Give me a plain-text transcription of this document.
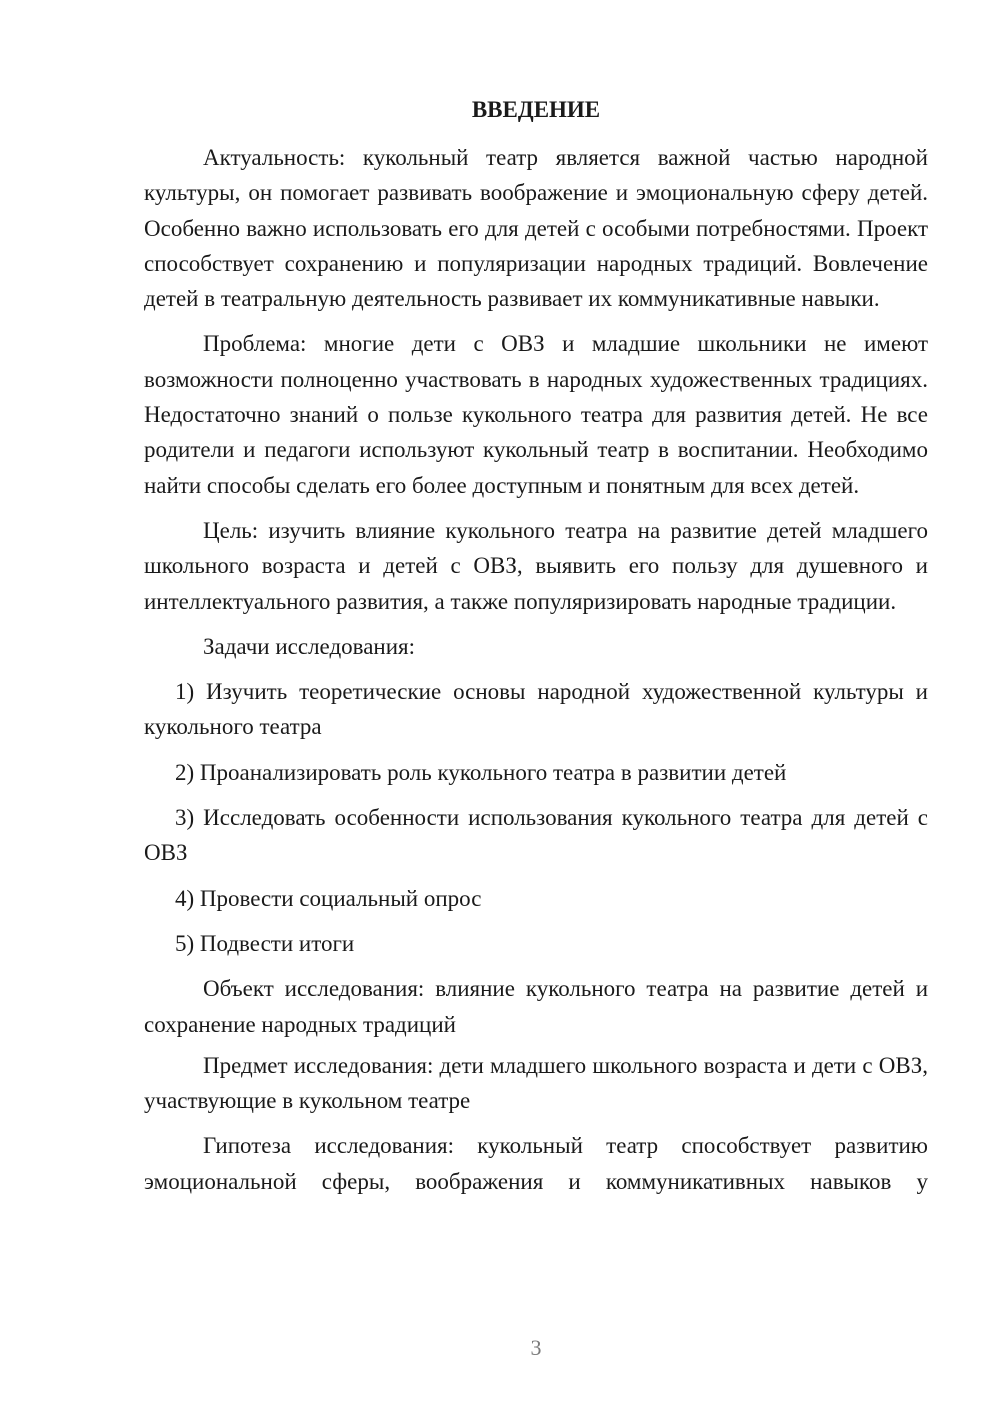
ВВЕДЕНИЕ

Актуальность: кукольный театр является важной частью народной культуры, он помогает развивать воображение и эмоциональную сферу детей. Особенно важно использовать его для детей с особыми потребностями. Проект способствует сохранению и популяризации народных традиций. Вовлечение детей в театральную деятельность развивает их коммуникативные навыки.

Проблема: многие дети с ОВЗ и младшие школьники не имеют возможности полноценно участвовать в народных художественных традициях. Недостаточно знаний о пользе кукольного театра для развития детей. Не все родители и педагоги используют кукольный театр в воспитании. Необходимо найти способы сделать его более доступным и понятным для всех детей.

Цель: изучить влияние кукольного театра на развитие детей младшего школьного возраста и детей с ОВЗ, выявить его пользу для душевного и интеллектуального развития, а также популяризировать народные традиции.

Задачи исследования:

1) Изучить теоретические основы народной художественной культуры и кукольного театра

2) Проанализировать роль кукольного театра в развитии детей

3) Исследовать особенности использования кукольного театра для детей с ОВЗ

4) Провести социальный опрос

5) Подвести итоги

Объект исследования: влияние кукольного театра на развитие детей и сохранение народных традиций

Предмет исследования: дети младшего школьного возраста и дети с ОВЗ, участвующие в кукольном театре

Гипотеза исследования: кукольный театр способствует развитию эмоциональной сферы, воображения и коммуникативных навыков у

3
